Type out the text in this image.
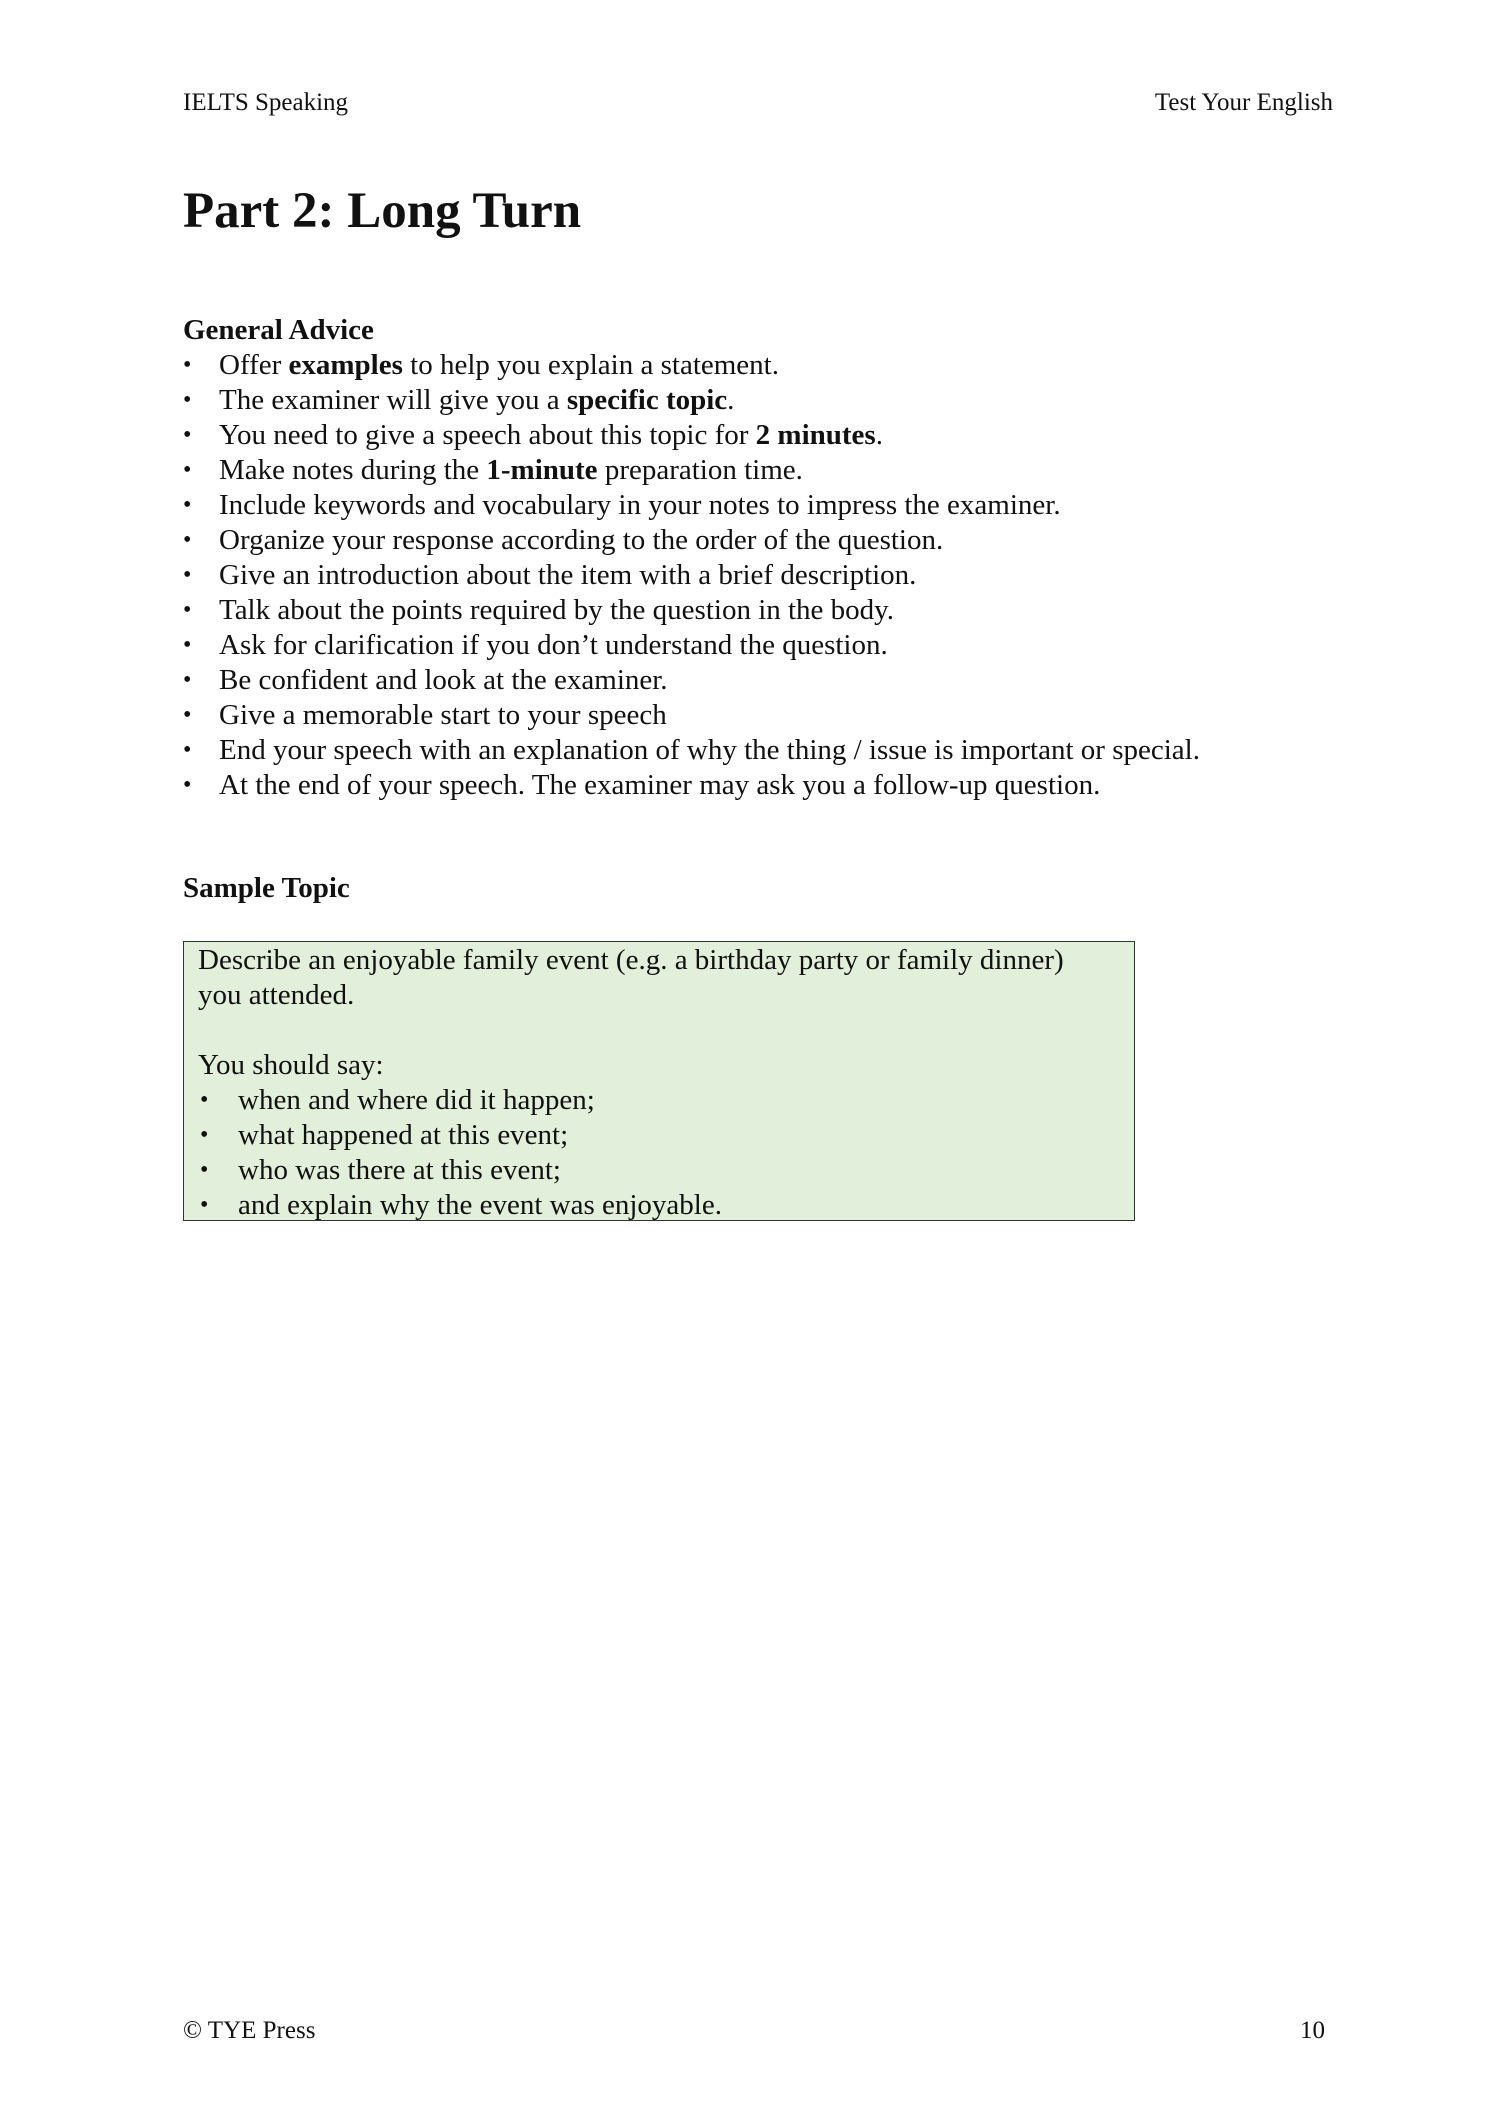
IELTS Speaking	Test Your English
Part 2: Long Turn
General Advice
• Offer examples to help you explain a statement.
• The examiner will give you a specific topic.
• You need to give a speech about this topic for 2 minutes.
• Make notes during the 1-minute preparation time.
• Include keywords and vocabulary in your notes to impress the examiner.
• Organize your response according to the order of the question.
• Give an introduction about the item with a brief description.
• Talk about the points required by the question in the body.
• Ask for clarification if you don’t understand the question.
• Be confident and look at the examiner.
• Give a memorable start to your speech
• End your speech with an explanation of why the thing / issue is important or special.
• At the end of your speech. The examiner may ask you a follow-up question.
Sample Topic

Describe an enjoyable family event (e.g. a birthday party or family dinner)
you attended.

You should say:

• when and where did it happen;
• what happened at this event;
• who was there at this event;
• and explain why the event was enjoyable.
© TYE Press	10
